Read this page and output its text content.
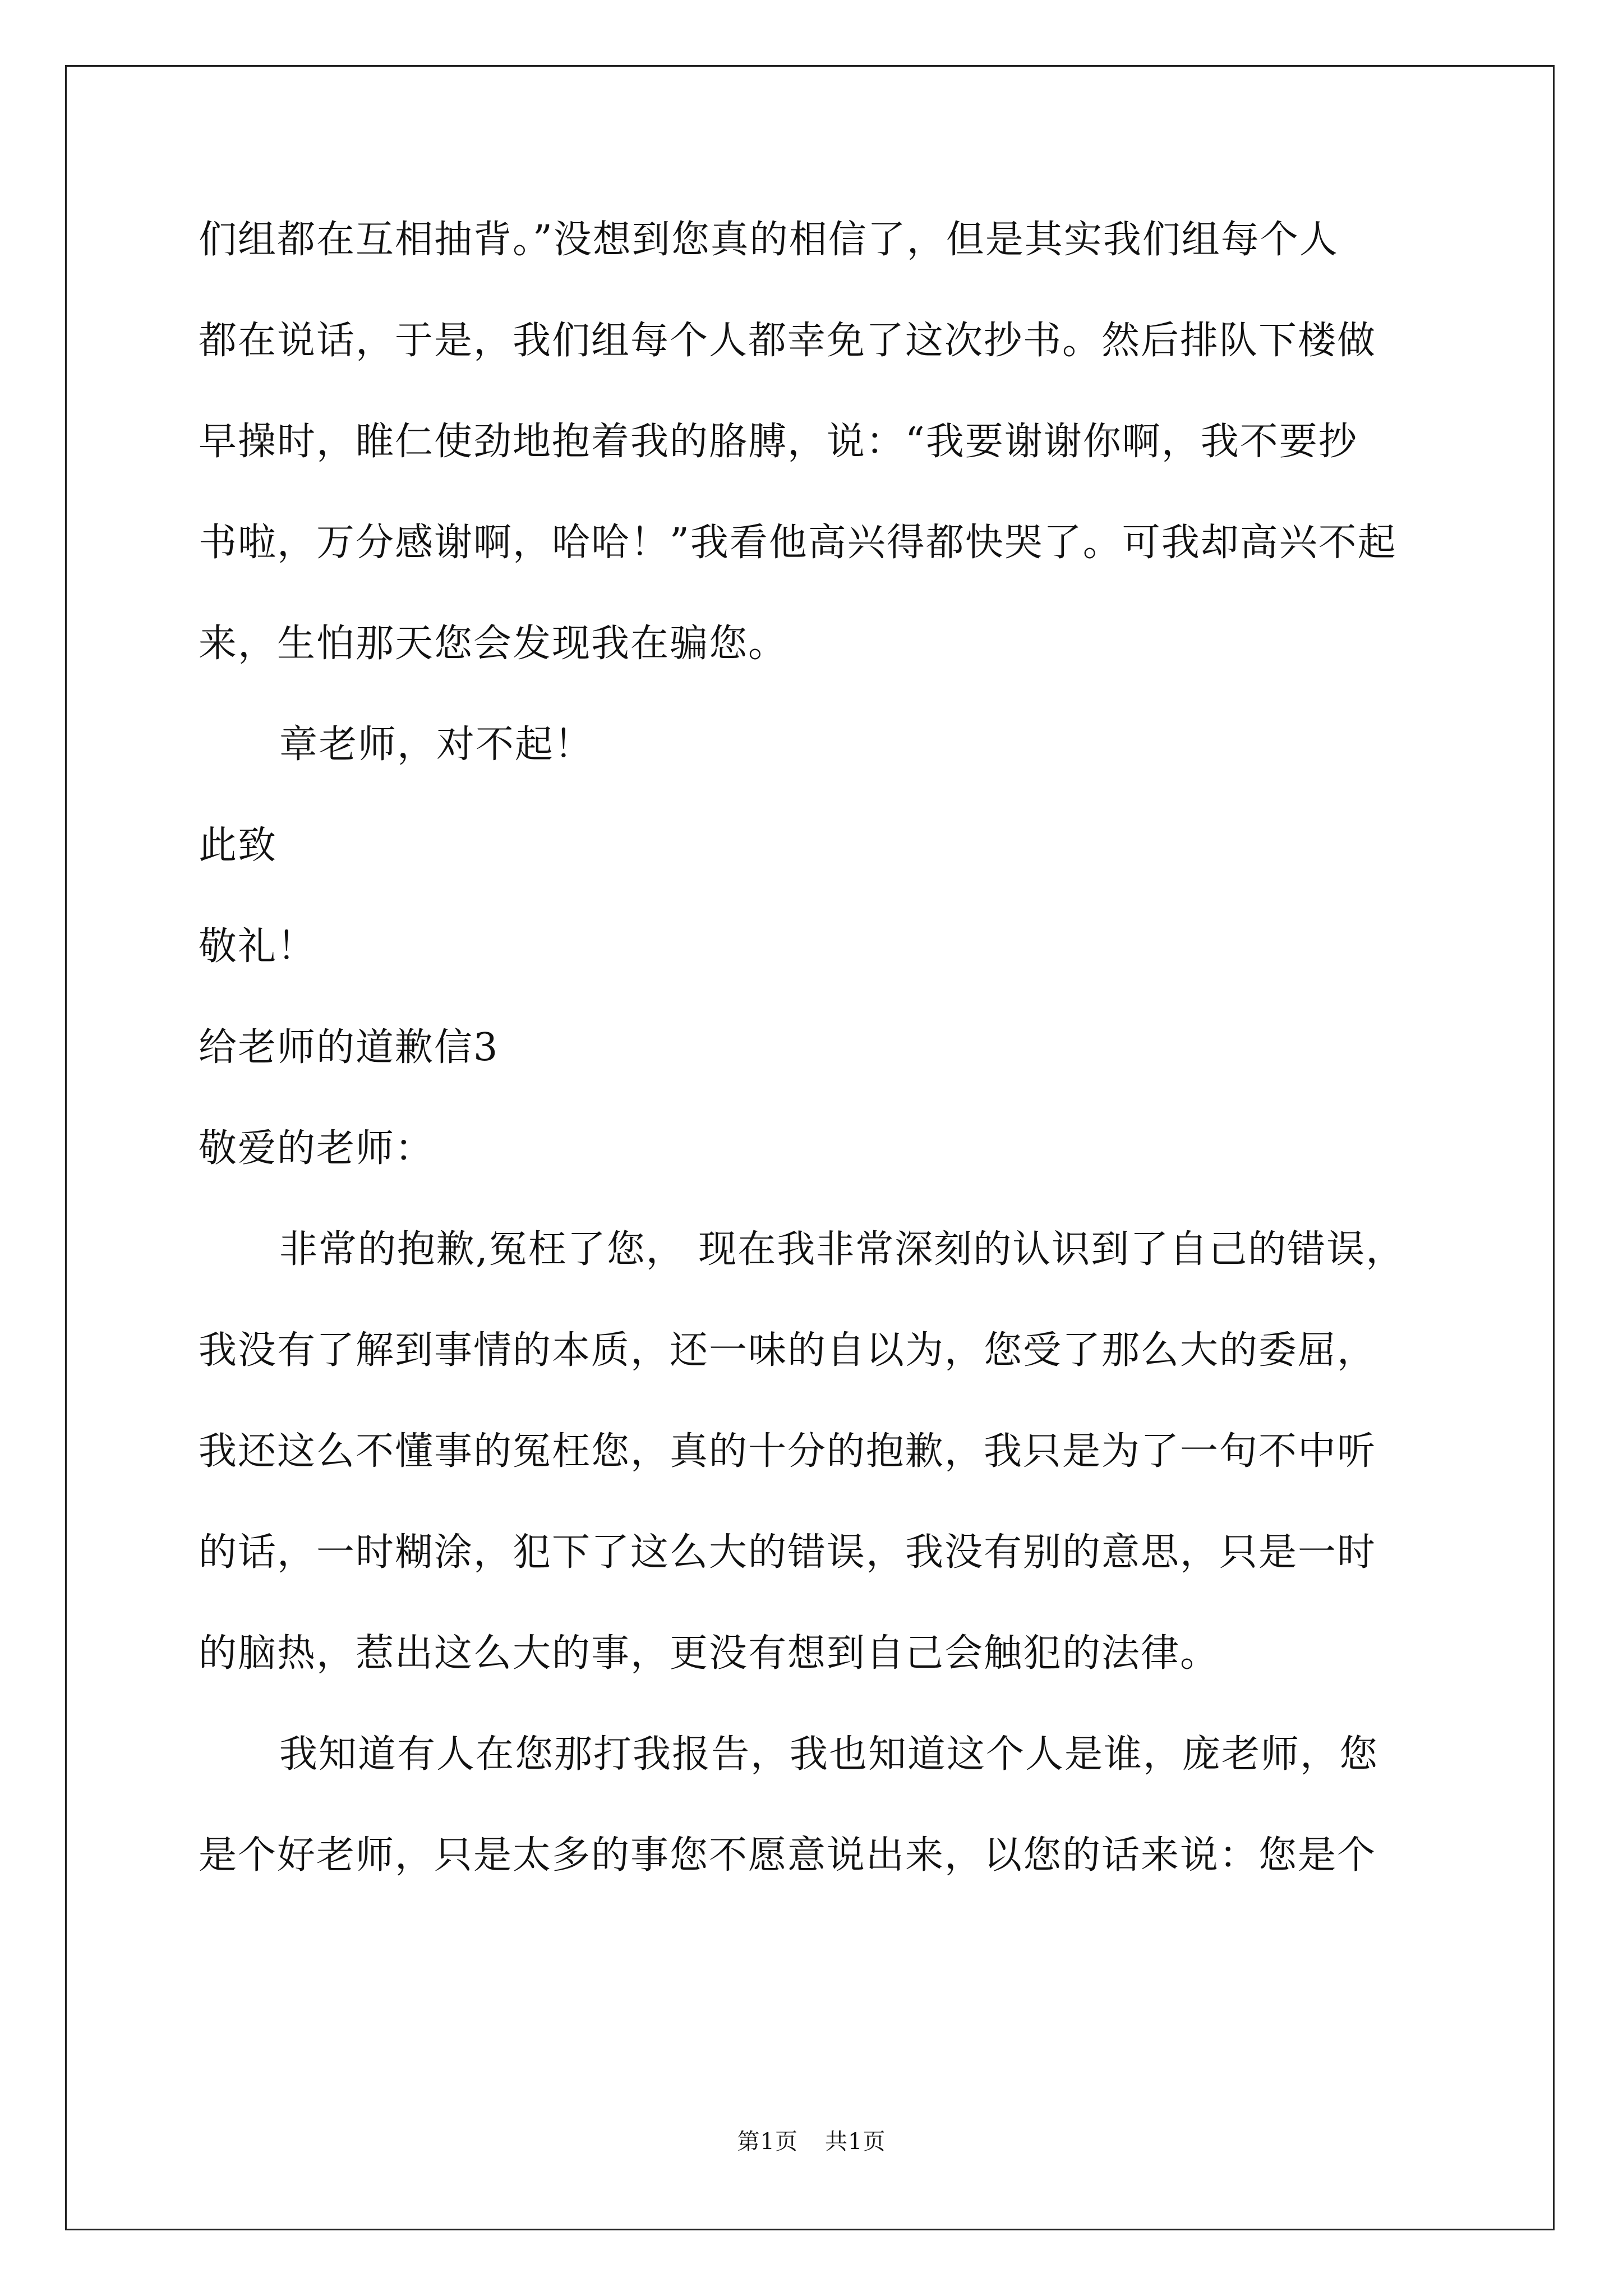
们组都在互相抽背。”没想到您真的相信了，但是其实我们组每个人
都在说话，于是，我们组每个人都幸免了这次抄书。然后排队下楼做
早操时，睢仁使劲地抱着我的胳膊，说：“我要谢谢你啊，我不要抄
书啦，万分感谢啊，哈哈！”我看他高兴得都快哭了。可我却高兴不起
来，生怕那天您会发现我在骗您。
章老师，对不起！
此致
敬礼！
给老师的道歉信3
敬爱的老师：
非常的抱歉,冤枉了您， 现在我非常深刻的认识到了自己的错误，
我没有了解到事情的本质，还一味的自以为，您受了那么大的委屈，
我还这么不懂事的冤枉您，真的十分的抱歉，我只是为了一句不中听
的话，一时糊涂，犯下了这么大的错误，我没有别的意思，只是一时
的脑热，惹出这么大的事，更没有想到自己会触犯的法律。
我知道有人在您那打我报告，我也知道这个人是谁，庞老师，您
是个好老师，只是太多的事您不愿意说出来，以您的话来说：您是个
第1页 共1页
